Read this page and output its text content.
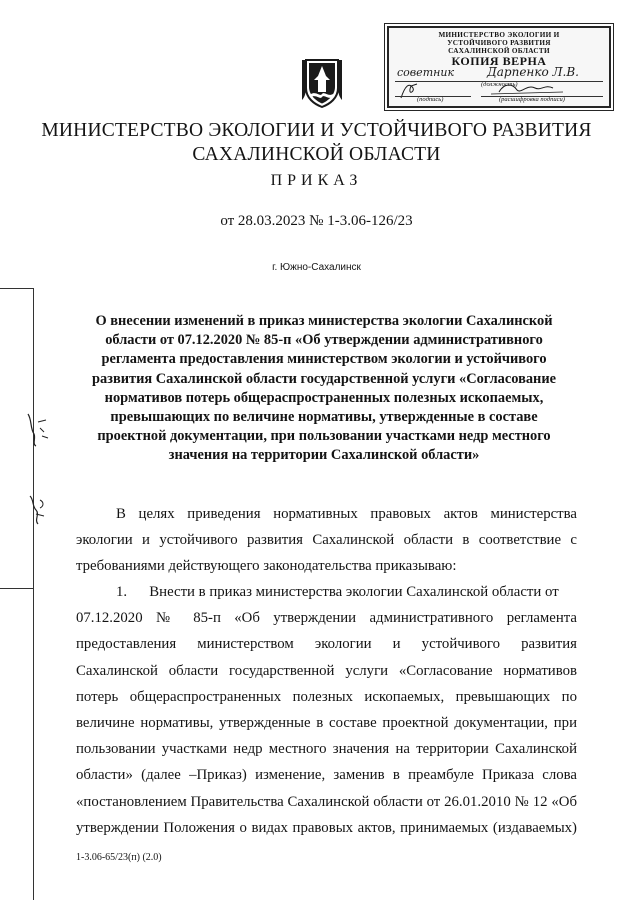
МИНИСТЕРСТВО ЭКОЛОГИИ И
УСТОЙЧИВОГО РАЗВИТИЯ
САХАЛИНСКОЙ ОБЛАСТИ
КОПИЯ ВЕРНА
советник	Дарпенко Л.В.
(должность)
(подпись)	(расшифровка подписи)
МИНИСТЕРСТВО ЭКОЛОГИИ И УСТОЙЧИВОГО РАЗВИТИЯ
САХАЛИНСКОЙ ОБЛАСТИ
ПРИКАЗ
от 28.03.2023 № 1-3.06-126/23
г. Южно-Сахалинск
О внесении изменений в приказ министерства экологии Сахалинской
области от 07.12.2020 № 85-п «Об утверждении административного
регламента предоставления министерством экологии и устойчивого
развития Сахалинской области государственной услуги «Согласование
нормативов потерь общераспространенных полезных ископаемых,
превышающих по величине нормативы, утвержденные в составе
проектной документации, при пользовании участками недр местного
значения на территории Сахалинской области»
В целях приведения нормативных правовых актов министерства
экологии и устойчивого развития Сахалинской области в соответствие с
требованиями действующего законодательства приказываю:
1.      Внести в приказ министерства экологии Сахалинской области от
07.12.2020 № 85-п «Об утверждении административного регламента
предоставления министерством экологии и устойчивого развития
Сахалинской области государственной услуги «Согласование нормативов
потерь общераспространенных полезных ископаемых, превышающих по
величине нормативы, утвержденные в составе проектной документации, при
пользовании участками недр местного значения на территории Сахалинской
области» (далее –Приказ) изменение, заменив в преамбуле Приказа слова
«постановлением Правительства Сахалинской области от 26.01.2010 № 12 «Об
утверждении Положения о видах правовых актов, принимаемых (издаваемых)
1-3.06-65/23(п) (2.0)
